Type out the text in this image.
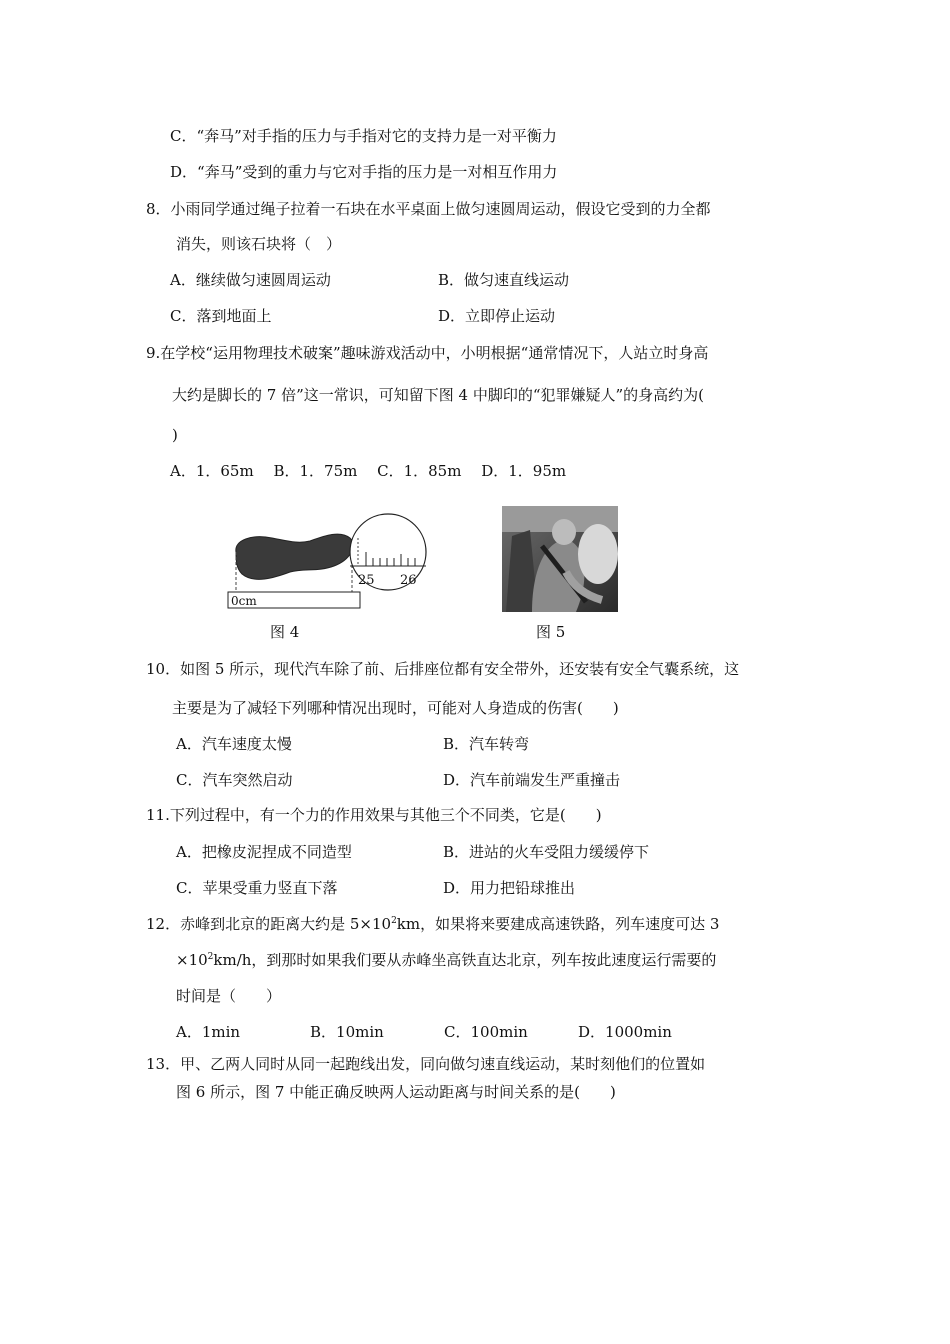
C．“奔马”对手指的压力与手指对它的支持力是一对平衡力
D．“奔马”受到的重力与它对手指的压力是一对相互作用力
8．小雨同学通过绳子拉着一石块在水平桌面上做匀速圆周运动，假设它受到的力全都
消失，则该石块将（　）
A．继续做匀速圆周运动	B．做匀速直线运动
C．落到地面上	D．立即停止运动
9.在学校“运用物理技术破案”趣味游戏活动中，小明根据“通常情况下，人站立时身高
大约是脚长的 7 倍”这一常识，可知留下图 4 中脚印的“犯罪嫌疑人”的身高约为(
)
A．1．65m　 B．1．75m　 C．1．85m　 D．1．95m
25 26
0cm
图 4	图 5
10．如图 5 所示，现代汽车除了前、后排座位都有安全带外，还安装有安全气囊系统，这
主要是为了减轻下列哪种情况出现时，可能对人身造成的伤害(　　)
A．汽车速度太慢	B．汽车转弯
C．汽车突然启动	D．汽车前端发生严重撞击
11.下列过程中，有一个力的作用效果与其他三个不同类，它是(　　)
A．把橡皮泥捏成不同造型	B．进站的火车受阻力缓缓停下
C．苹果受重力竖直下落	D．用力把铅球推出
12．赤峰到北京的距离大约是 $5\times 10^2km$，如果将来要建成高速铁路，列车速度可达 3
$\times 10^2km/h$，到那时如果我们要从赤峰坐高铁直达北京，列车按此速度运行需要的
时间是（　　）
A．1min	B．10min	C．100min	D．1000min
13．甲、乙两人同时从同一起跑线出发，同向做匀速直线运动，某时刻他们的位置如
图 6 所示，图 7 中能正确反映两人运动距离与时间关系的是(　　)
